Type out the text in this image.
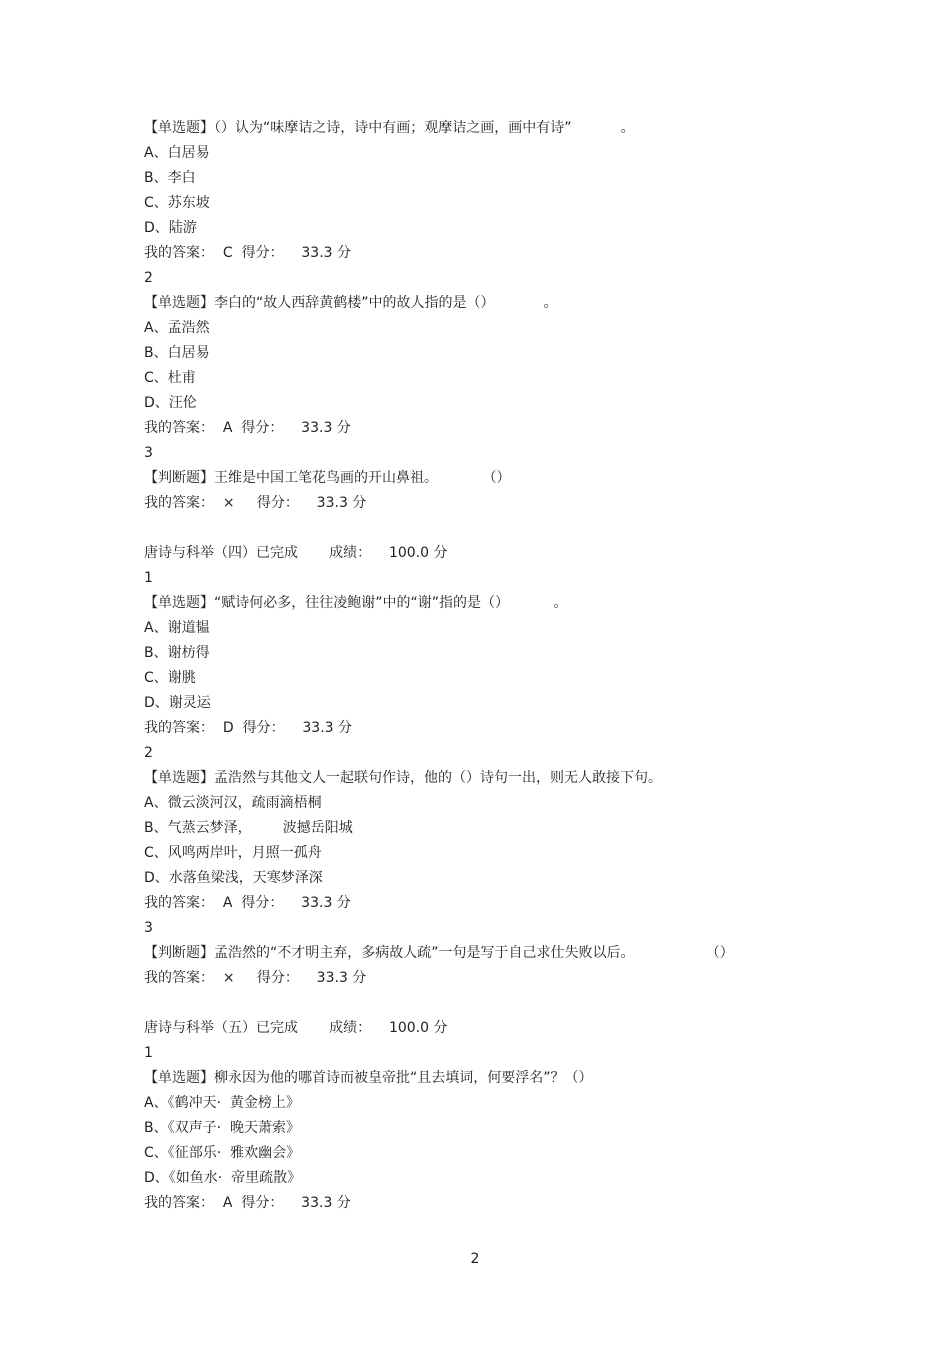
【单选题】（）认为“味摩诘之诗，诗中有画；观摩诘之画，画中有诗”           。
A、白居易
B、李白
C、苏东坡
D、陆游
我的答案：  C  得分：    33.3 分
2
【单选题】李白的“故人西辞黄鹤楼”中的故人指的是（）           。
A、孟浩然
B、白居易
C、杜甫
D、汪伦
我的答案：  A  得分：    33.3 分
3
【判断题】王维是中国工笔花鸟画的开山鼻祖。          （）
我的答案：  ×     得分：    33.3 分
唐诗与科举（四）已完成       成绩：    100.0 分
1
【单选题】“赋诗何必多，往往凌鲍谢”中的“谢”指的是（）          。
A、谢道韫
B、谢枋得
C、谢朓
D、谢灵运
我的答案：  D  得分：    33.3 分
2
【单选题】孟浩然与其他文人一起联句作诗，他的（）诗句一出，则无人敢接下句。
A、微云淡河汉，疏雨滴梧桐
B、气蒸云梦泽，       波撼岳阳城
C、风鸣两岸叶，月照一孤舟
D、水落鱼梁浅，天寒梦泽深
我的答案：  A  得分：    33.3 分
3
【判断题】孟浩然的“不才明主弃，多病故人疏”一句是写于自己求仕失败以后。                （）
我的答案：  ×     得分：    33.3 分
唐诗与科举（五）已完成       成绩：    100.0 分
1
【单选题】柳永因为他的哪首诗而被皇帝批“且去填词，何要浮名”？（）
A、《鹤冲天·  黄金榜上》
B、《双声子·  晚天萧索》
C、《征部乐·  雅欢幽会》
D、《如鱼水·  帝里疏散》
我的答案：  A  得分：    33.3 分
2
